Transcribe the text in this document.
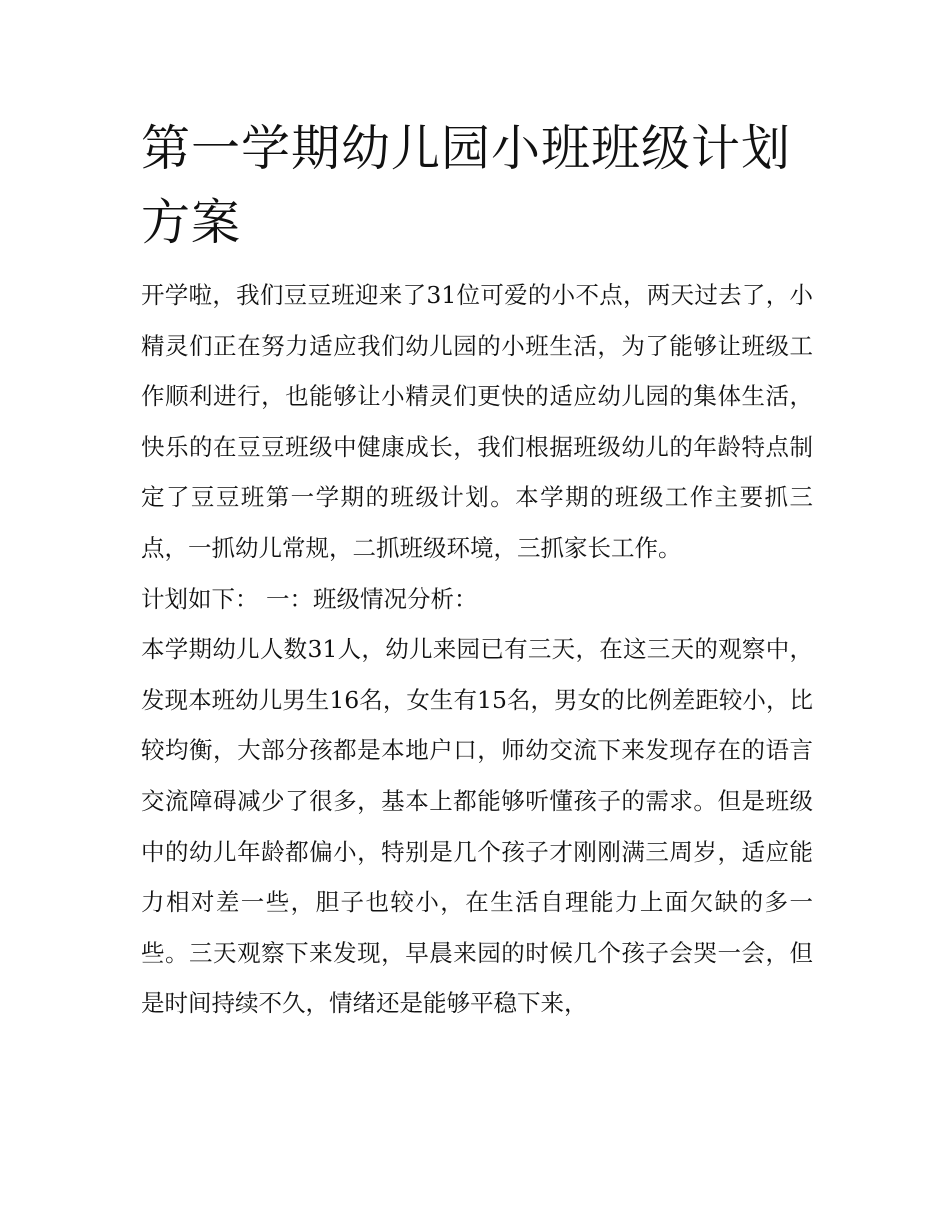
第一学期幼儿园小班班级计划方案

开学啦，我们豆豆班迎来了31位可爱的小不点，两天过去了，小精灵们正在努力适应我们幼儿园的小班生活，为了能够让班级工作顺利进行，也能够让小精灵们更快的适应幼儿园的集体生活，快乐的在豆豆班级中健康成长，我们根据班级幼儿的年龄特点制定了豆豆班第一学期的班级计划。本学期的班级工作主要抓三点，一抓幼儿常规，二抓班级环境，三抓家长工作。

计划如下： 一：班级情况分析：

本学期幼儿人数31人，幼儿来园已有三天，在这三天的观察中，发现本班幼儿男生16名，女生有15名，男女的比例差距较小，比较均衡，大部分孩都是本地户口，师幼交流下来发现存在的语言交流障碍减少了很多，基本上都能够听懂孩子的需求。但是班级中的幼儿年龄都偏小，特别是几个孩子才刚刚满三周岁，适应能力相对差一些，胆子也较小，在生活自理能力上面欠缺的多一些。三天观察下来发现，早晨来园的时候几个孩子会哭一会，但是时间持续不久，情绪还是能够平稳下来，
